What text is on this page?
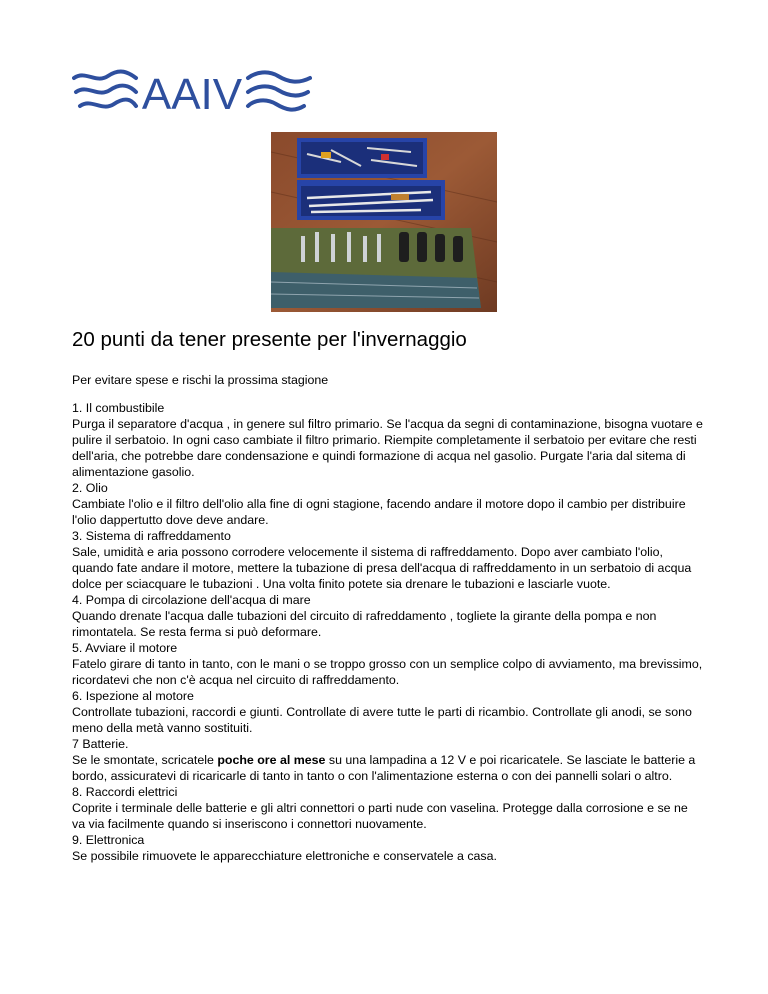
AAIV
20 punti da tener presente per l'invernaggio

Per evitare spese e rischi la prossima stagione

1. Il combustibile
Purga il separatore d'acqua , in genere sul filtro primario. Se l'acqua da segni di contaminazione, bisogna vuotare e pulire il serbatoio. In ogni caso cambiate il filtro primario. Riempite completamente il serbatoio per evitare che resti dell'aria, che potrebbe dare condensazione e quindi formazione di acqua nel gasolio. Purgate l'aria dal sitema di alimentazione gasolio.

2. Olio
Cambiate l'olio e il filtro dell'olio alla fine di ogni stagione, facendo andare il motore dopo il cambio per distribuire l'olio dappertutto dove deve andare.

3. Sistema di raffreddamento
Sale, umidità e aria possono corrodere velocemente il sistema di raffreddamento. Dopo aver cambiato l'olio, quando fate andare il motore, mettere la tubazione di presa dell'acqua di raffreddamento in un serbatoio di acqua dolce per sciacquare le tubazioni . Una volta finito potete sia drenare le tubazioni e lasciarle vuote.

4. Pompa di circolazione dell'acqua di mare
Quando drenate l'acqua dalle tubazioni del circuito di rafreddamento , togliete la girante della pompa e non rimontatela. Se resta ferma si può deformare.

5. Avviare il motore
Fatelo girare di tanto in tanto, con le mani o se troppo grosso con un semplice colpo di avviamento, ma brevissimo, ricordatevi che non c'è acqua nel circuito di raffreddamento.

6. Ispezione al motore
Controllate tubazioni, raccordi e giunti. Controllate di avere tutte le parti di ricambio. Controllate gli anodi, se sono meno della metà vanno sostituiti.

7 Batterie.
Se le smontate, scricatele poche ore al mese su una lampadina a 12 V e poi ricaricatele. Se lasciate le batterie a bordo, assicuratevi di ricaricarle di tanto in tanto o con l'alimentazione esterna o con dei pannelli solari o altro.

8. Raccordi elettrici
Coprite i terminale delle batterie e gli altri connettori o parti nude con vaselina. Protegge dalla corrosione e se ne va via facilmente quando si inseriscono i connettori nuovamente.

9. Elettronica
Se possibile rimuovete le apparecchiature elettroniche e conservatele a casa.
